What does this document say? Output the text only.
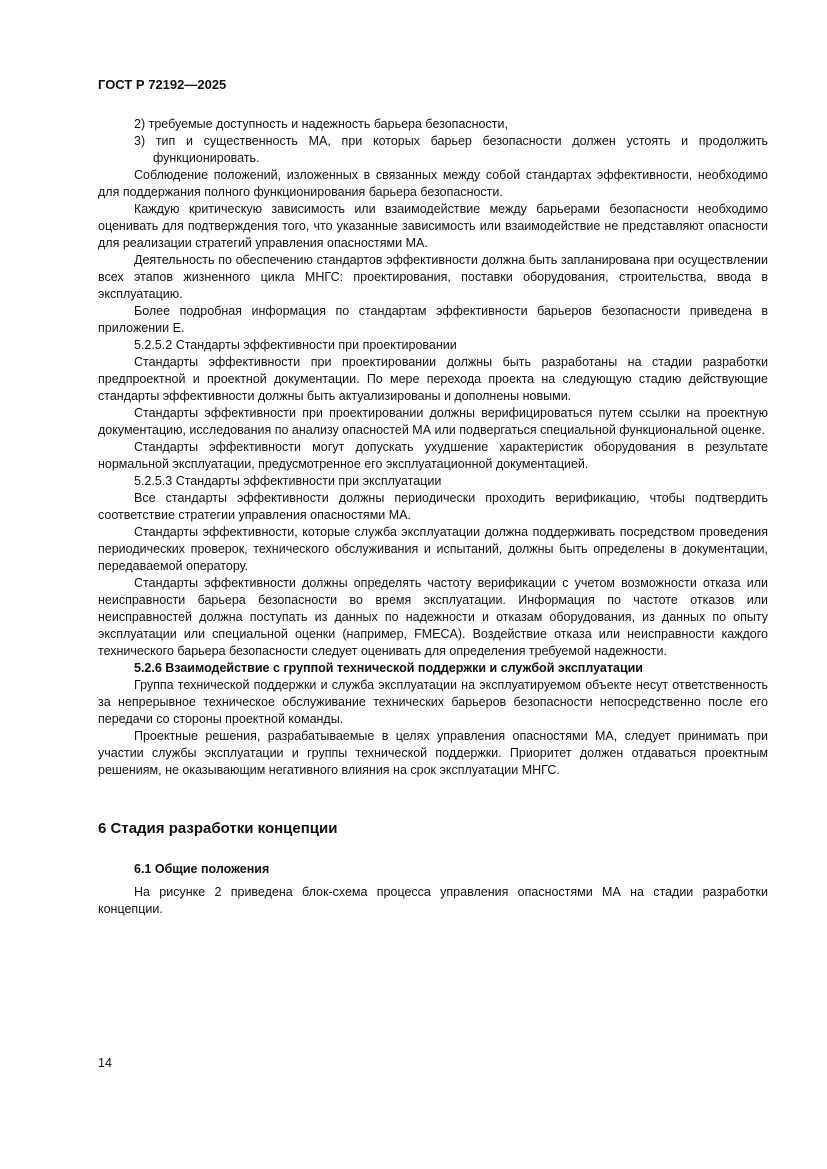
ГОСТ Р 72192—2025

2) требуемые доступность и надежность барьера безопасности,

3) тип и существенность МА, при которых барьер безопасности должен устоять и продолжить функционировать.

Соблюдение положений, изложенных в связанных между собой стандартах эффективности, необходимо для поддержания полного функционирования барьера безопасности.

Каждую критическую зависимость или взаимодействие между барьерами безопасности необходимо оценивать для подтверждения того, что указанные зависимость или взаимодействие не представляют опасности для реализации стратегий управления опасностями МА.

Деятельность по обеспечению стандартов эффективности должна быть запланирована при осуществлении всех этапов жизненного цикла МНГС: проектирования, поставки оборудования, строительства, ввода в эксплуатацию.

Более подробная информация по стандартам эффективности барьеров безопасности приведена в приложении Е.

5.2.5.2 Стандарты эффективности при проектировании

Стандарты эффективности при проектировании должны быть разработаны на стадии разработки предпроектной и проектной документации. По мере перехода проекта на следующую стадию действующие стандарты эффективности должны быть актуализированы и дополнены новыми.

Стандарты эффективности при проектировании должны верифицироваться путем ссылки на проектную документацию, исследования по анализу опасностей МА или подвергаться специальной функциональной оценке.

Стандарты эффективности могут допускать ухудшение характеристик оборудования в результате нормальной эксплуатации, предусмотренное его эксплуатационной документацией.

5.2.5.3 Стандарты эффективности при эксплуатации

Все стандарты эффективности должны периодически проходить верификацию, чтобы подтвердить соответствие стратегии управления опасностями МА.

Стандарты эффективности, которые служба эксплуатации должна поддерживать посредством проведения периодических проверок, технического обслуживания и испытаний, должны быть определены в документации, передаваемой оператору.

Стандарты эффективности должны определять частоту верификации с учетом возможности отказа или неисправности барьера безопасности во время эксплуатации. Информация по частоте отказов или неисправностей должна поступать из данных по надежности и отказам оборудования, из данных по опыту эксплуатации или специальной оценки (например, FMECA). Воздействие отказа или неисправности каждого технического барьера безопасности следует оценивать для определения требуемой надежности.

5.2.6 Взаимодействие с группой технической поддержки и службой эксплуатации

Группа технической поддержки и служба эксплуатации на эксплуатируемом объекте несут ответственность за непрерывное техническое обслуживание технических барьеров безопасности непосредственно после его передачи со стороны проектной команды.

Проектные решения, разрабатываемые в целях управления опасностями МА, следует принимать при участии службы эксплуатации и группы технической поддержки. Приоритет должен отдаваться проектным решениям, не оказывающим негативного влияния на срок эксплуатации МНГС.

6 Стадия разработки концепции
6.1 Общие положения

На рисунке 2 приведена блок-схема процесса управления опасностями МА на стадии разработки концепции.

14
